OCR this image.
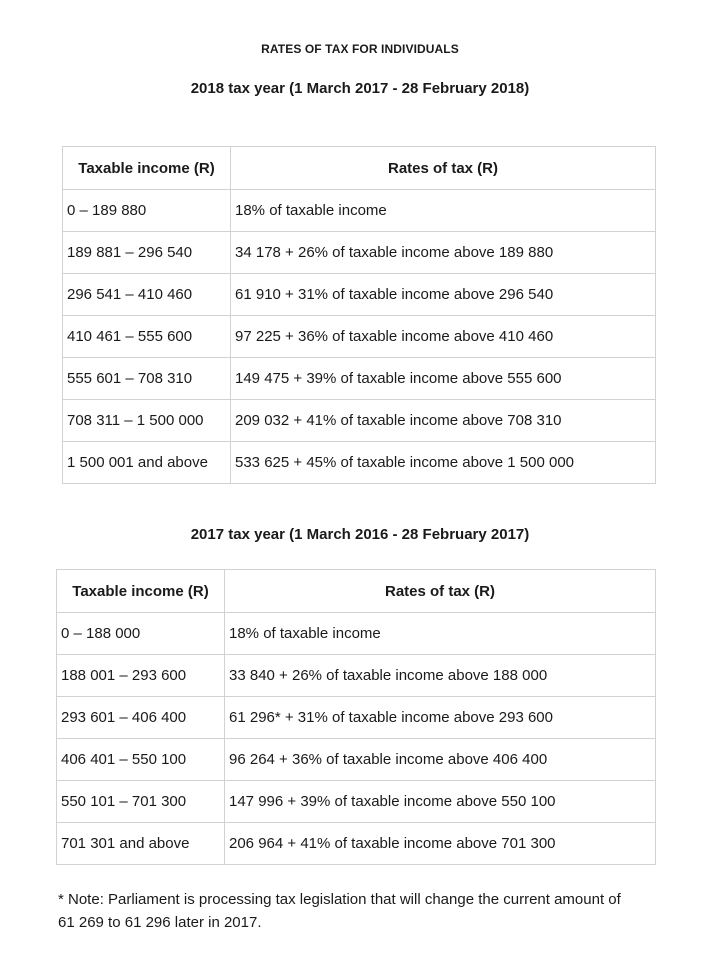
RATES OF TAX FOR INDIVIDUALS
2018 tax year (1 March 2017 - 28 February 2018)
Taxable income (R)	Rates of tax (R)
0 – 189 880	18% of taxable income
189 881 – 296 540	34 178 + 26% of taxable income above 189 880
296 541 – 410 460	61 910 + 31% of taxable income above 296 540
410 461 – 555 600	97 225 + 36% of taxable income above 410 460
555 601 – 708 310	149 475 + 39% of taxable income above 555 600
708 311 – 1 500 000	209 032 + 41% of taxable income above 708 310
1 500 001 and above	533 625 + 45% of taxable income above 1 500 000
2017 tax year (1 March 2016 - 28 February 2017)
Taxable income (R)	Rates of tax (R)
0 – 188 000	18% of taxable income
188 001 – 293 600	33 840 + 26% of taxable income above 188 000
293 601 – 406 400	61 296* + 31% of taxable income above 293 600
406 401 – 550 100	96 264 + 36% of taxable income above 406 400
550 101 – 701 300	147 996 + 39% of taxable income above 550 100
701 301 and above	206 964 + 41% of taxable income above 701 300
* Note: Parliament is processing tax legislation that will change the current amount of
61 269 to 61 296 later in 2017.
